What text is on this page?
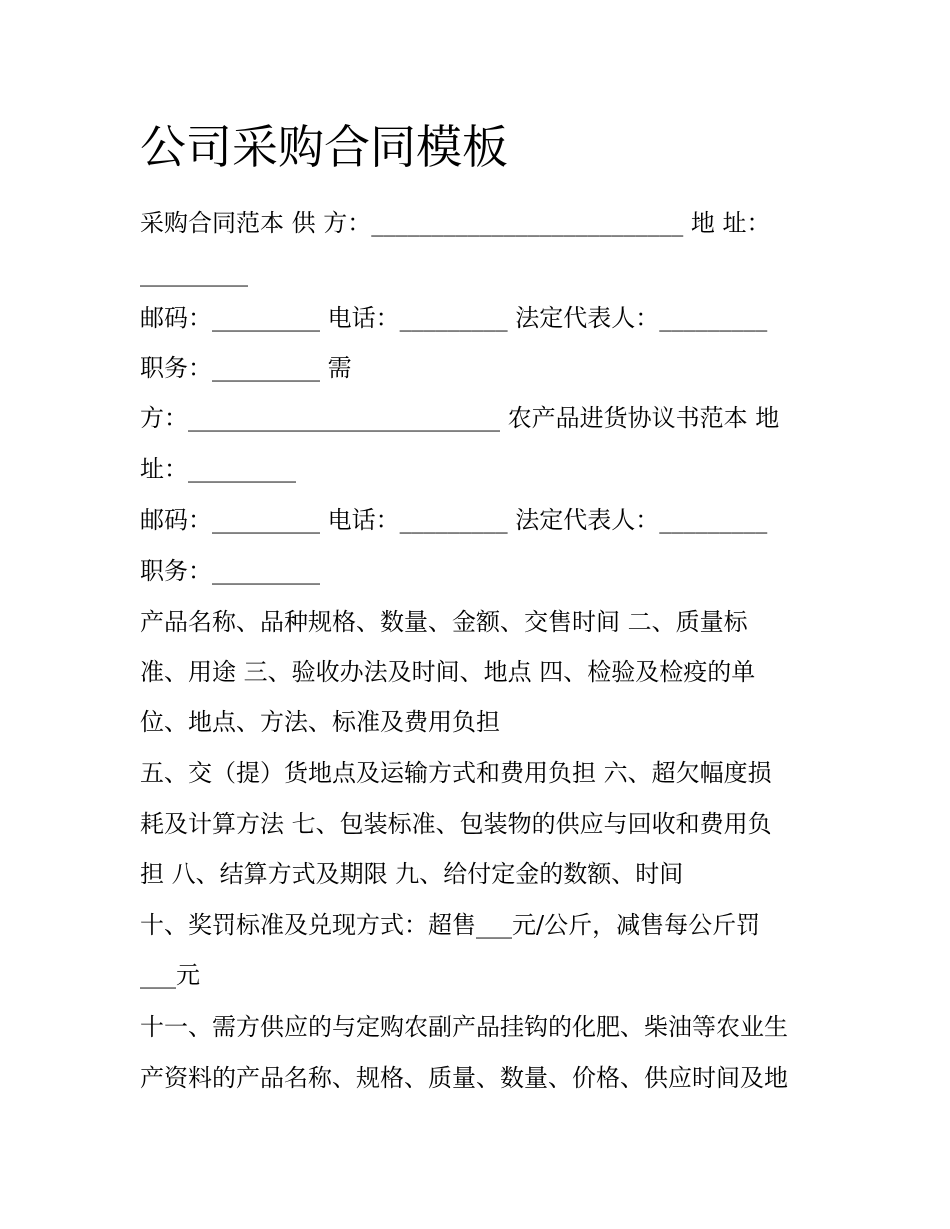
公司采购合同模板

采购合同范本 供 方：__________________________ 地 址：

_________

邮码：_________ 电话：_________ 法定代表人：_________

职务：_________ 需

方：__________________________ 农产品进货协议书范本 地

址：_________

邮码：_________ 电话：_________ 法定代表人：_________

职务：_________

产品名称、品种规格、数量、金额、交售时间 二、质量标

准、用途 三、验收办法及时间、地点 四、检验及检疫的单

位、地点、方法、标准及费用负担

五、交（提）货地点及运输方式和费用负担 六、超欠幅度损

耗及计算方法 七、包装标准、包装物的供应与回收和费用负

担 八、结算方式及期限 九、给付定金的数额、时间

十、奖罚标准及兑现方式：超售___元/公斤，减售每公斤罚

___元

十一、需方供应的与定购农副产品挂钩的化肥、柴油等农业生

产资料的产品名称、规格、质量、数量、价格、供应时间及地
